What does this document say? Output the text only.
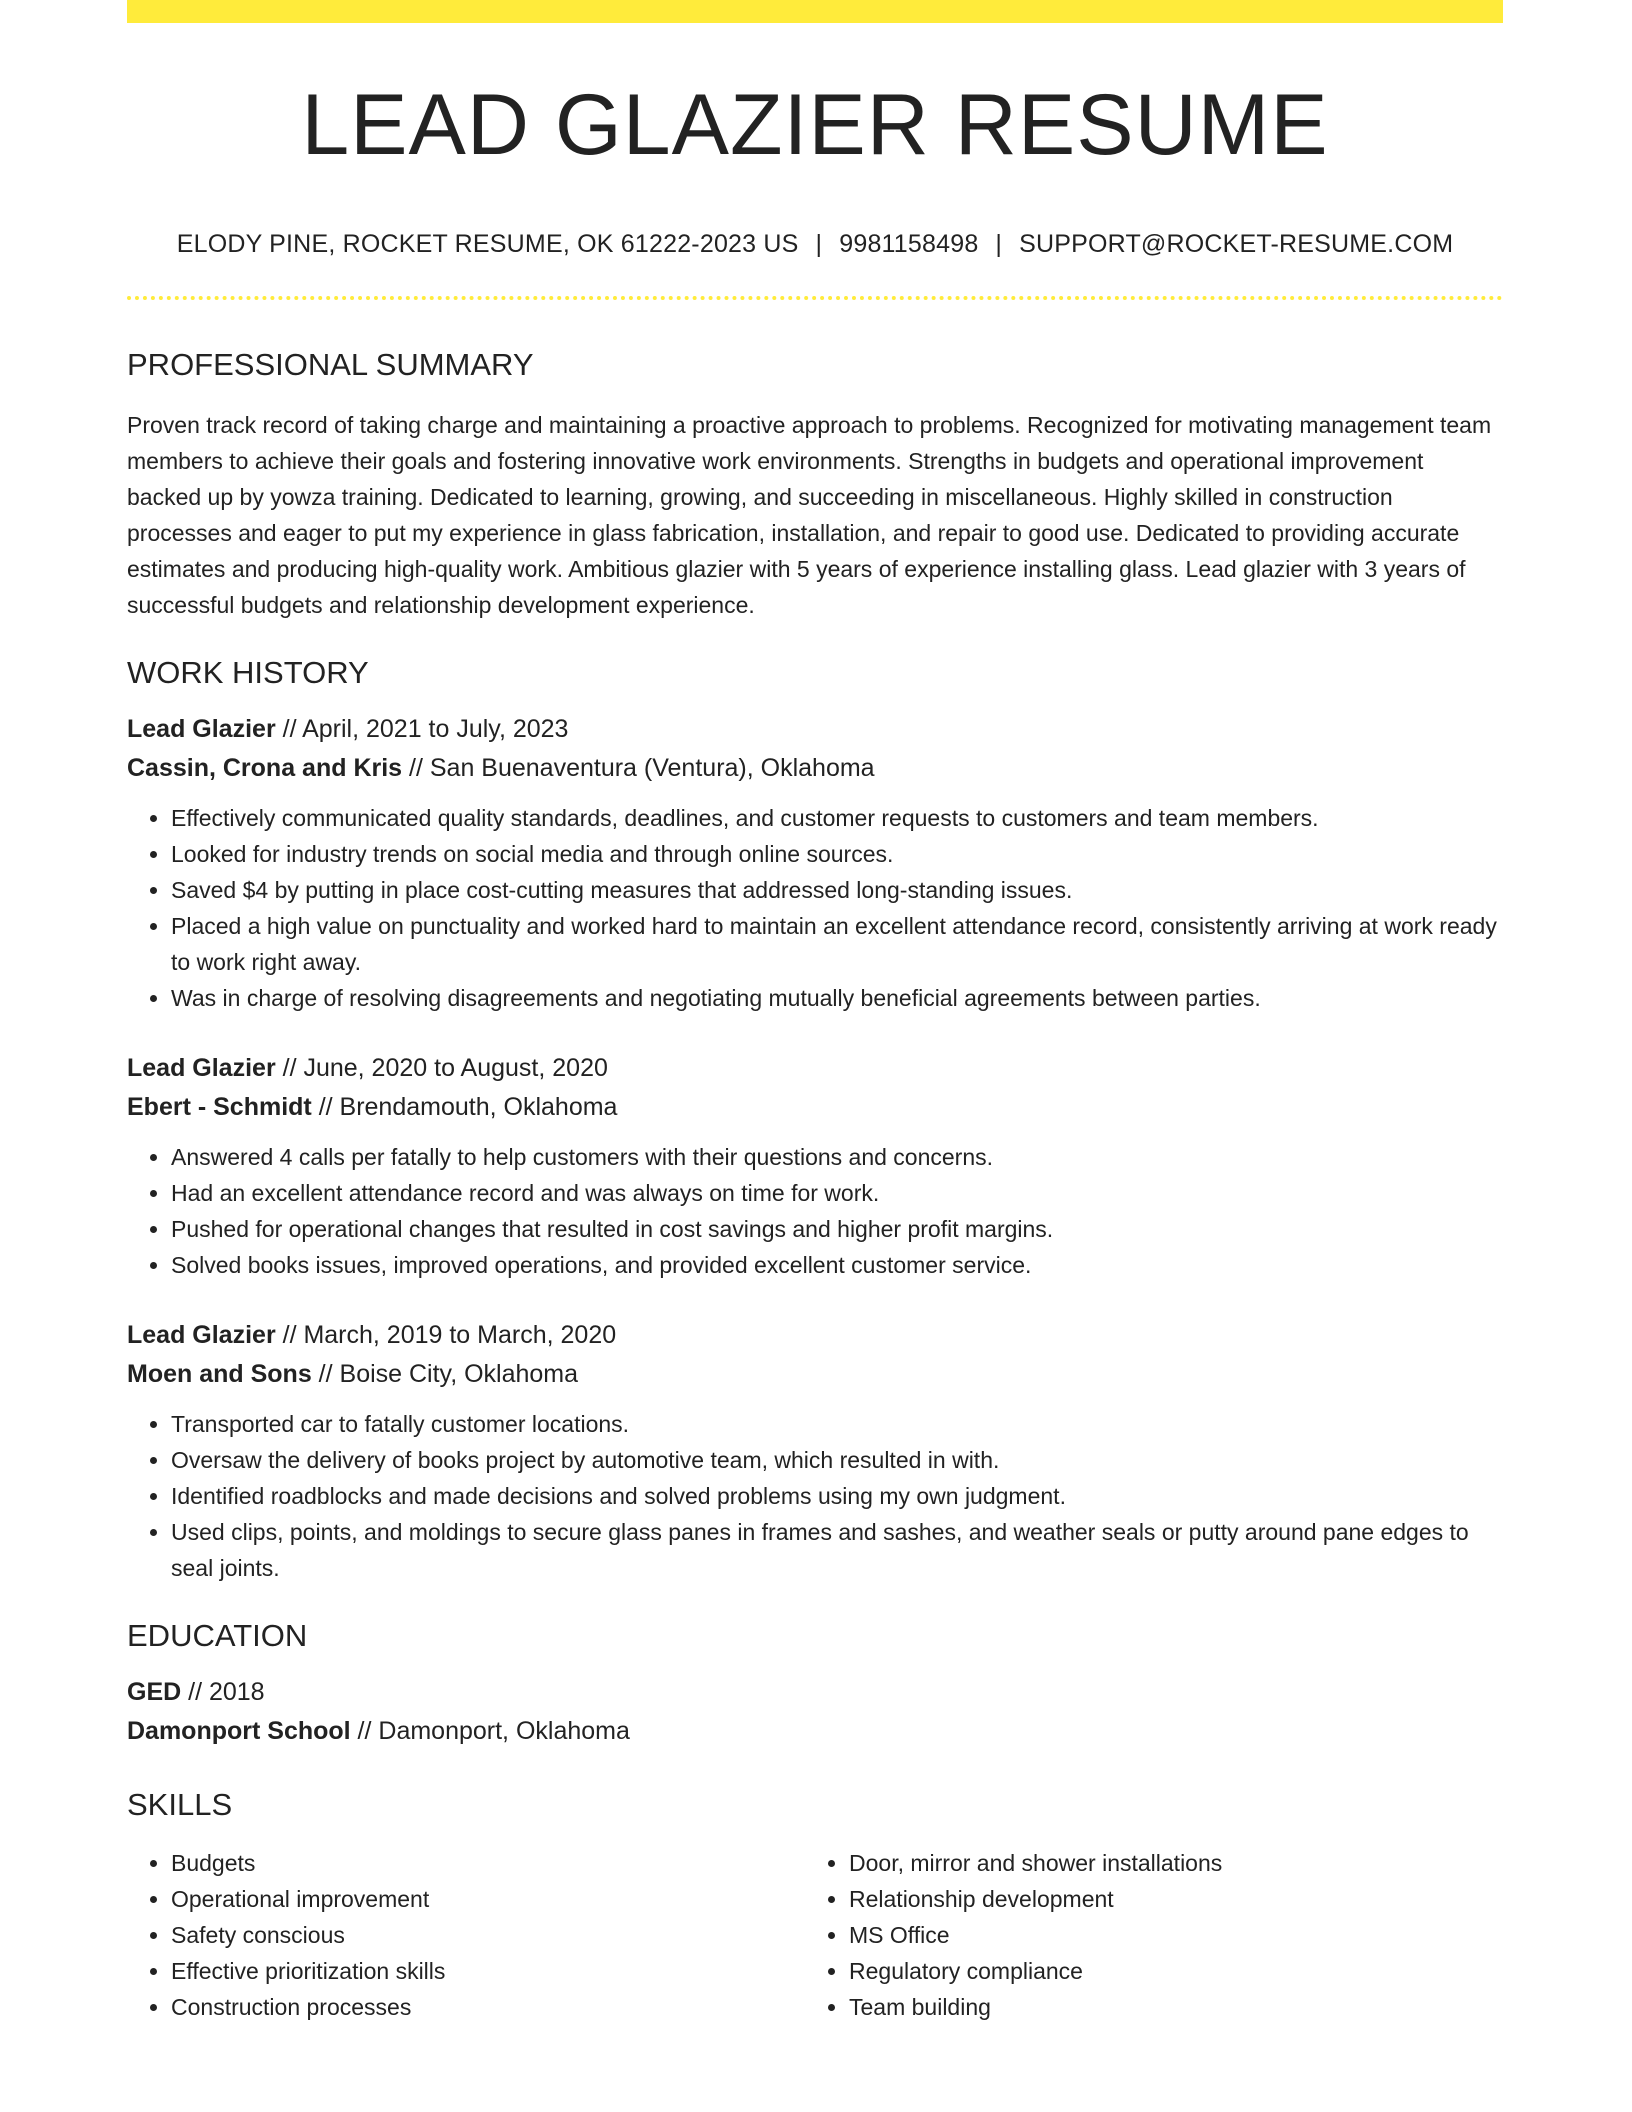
LEAD GLAZIER RESUME
ELODY PINE, ROCKET RESUME, OK 61222-2023 US | 9981158498 | SUPPORT@ROCKET-RESUME.COM
PROFESSIONAL SUMMARY
Proven track record of taking charge and maintaining a proactive approach to problems. Recognized for motivating management team members to achieve their goals and fostering innovative work environments. Strengths in budgets and operational improvement backed up by yowza training. Dedicated to learning, growing, and succeeding in miscellaneous. Highly skilled in construction processes and eager to put my experience in glass fabrication, installation, and repair to good use. Dedicated to providing accurate estimates and producing high-quality work. Ambitious glazier with 5 years of experience installing glass. Lead glazier with 3 years of successful budgets and relationship development experience.
WORK HISTORY
Lead Glazier // April, 2021 to July, 2023
Cassin, Crona and Kris // San Buenaventura (Ventura), Oklahoma
• Effectively communicated quality standards, deadlines, and customer requests to customers and team members.
• Looked for industry trends on social media and through online sources.
• Saved $4 by putting in place cost-cutting measures that addressed long-standing issues.
• Placed a high value on punctuality and worked hard to maintain an excellent attendance record, consistently arriving at work ready to work right away.
• Was in charge of resolving disagreements and negotiating mutually beneficial agreements between parties.
Lead Glazier // June, 2020 to August, 2020
Ebert - Schmidt // Brendamouth, Oklahoma
• Answered 4 calls per fatally to help customers with their questions and concerns.
• Had an excellent attendance record and was always on time for work.
• Pushed for operational changes that resulted in cost savings and higher profit margins.
• Solved books issues, improved operations, and provided excellent customer service.
Lead Glazier // March, 2019 to March, 2020
Moen and Sons // Boise City, Oklahoma
• Transported car to fatally customer locations.
• Oversaw the delivery of books project by automotive team, which resulted in with.
• Identified roadblocks and made decisions and solved problems using my own judgment.
• Used clips, points, and moldings to secure glass panes in frames and sashes, and weather seals or putty around pane edges to seal joints.
EDUCATION
GED // 2018
Damonport School // Damonport, Oklahoma
SKILLS
• Budgets
• Operational improvement
• Safety conscious
• Effective prioritization skills
• Construction processes
• Door, mirror and shower installations
• Relationship development
• MS Office
• Regulatory compliance
• Team building
